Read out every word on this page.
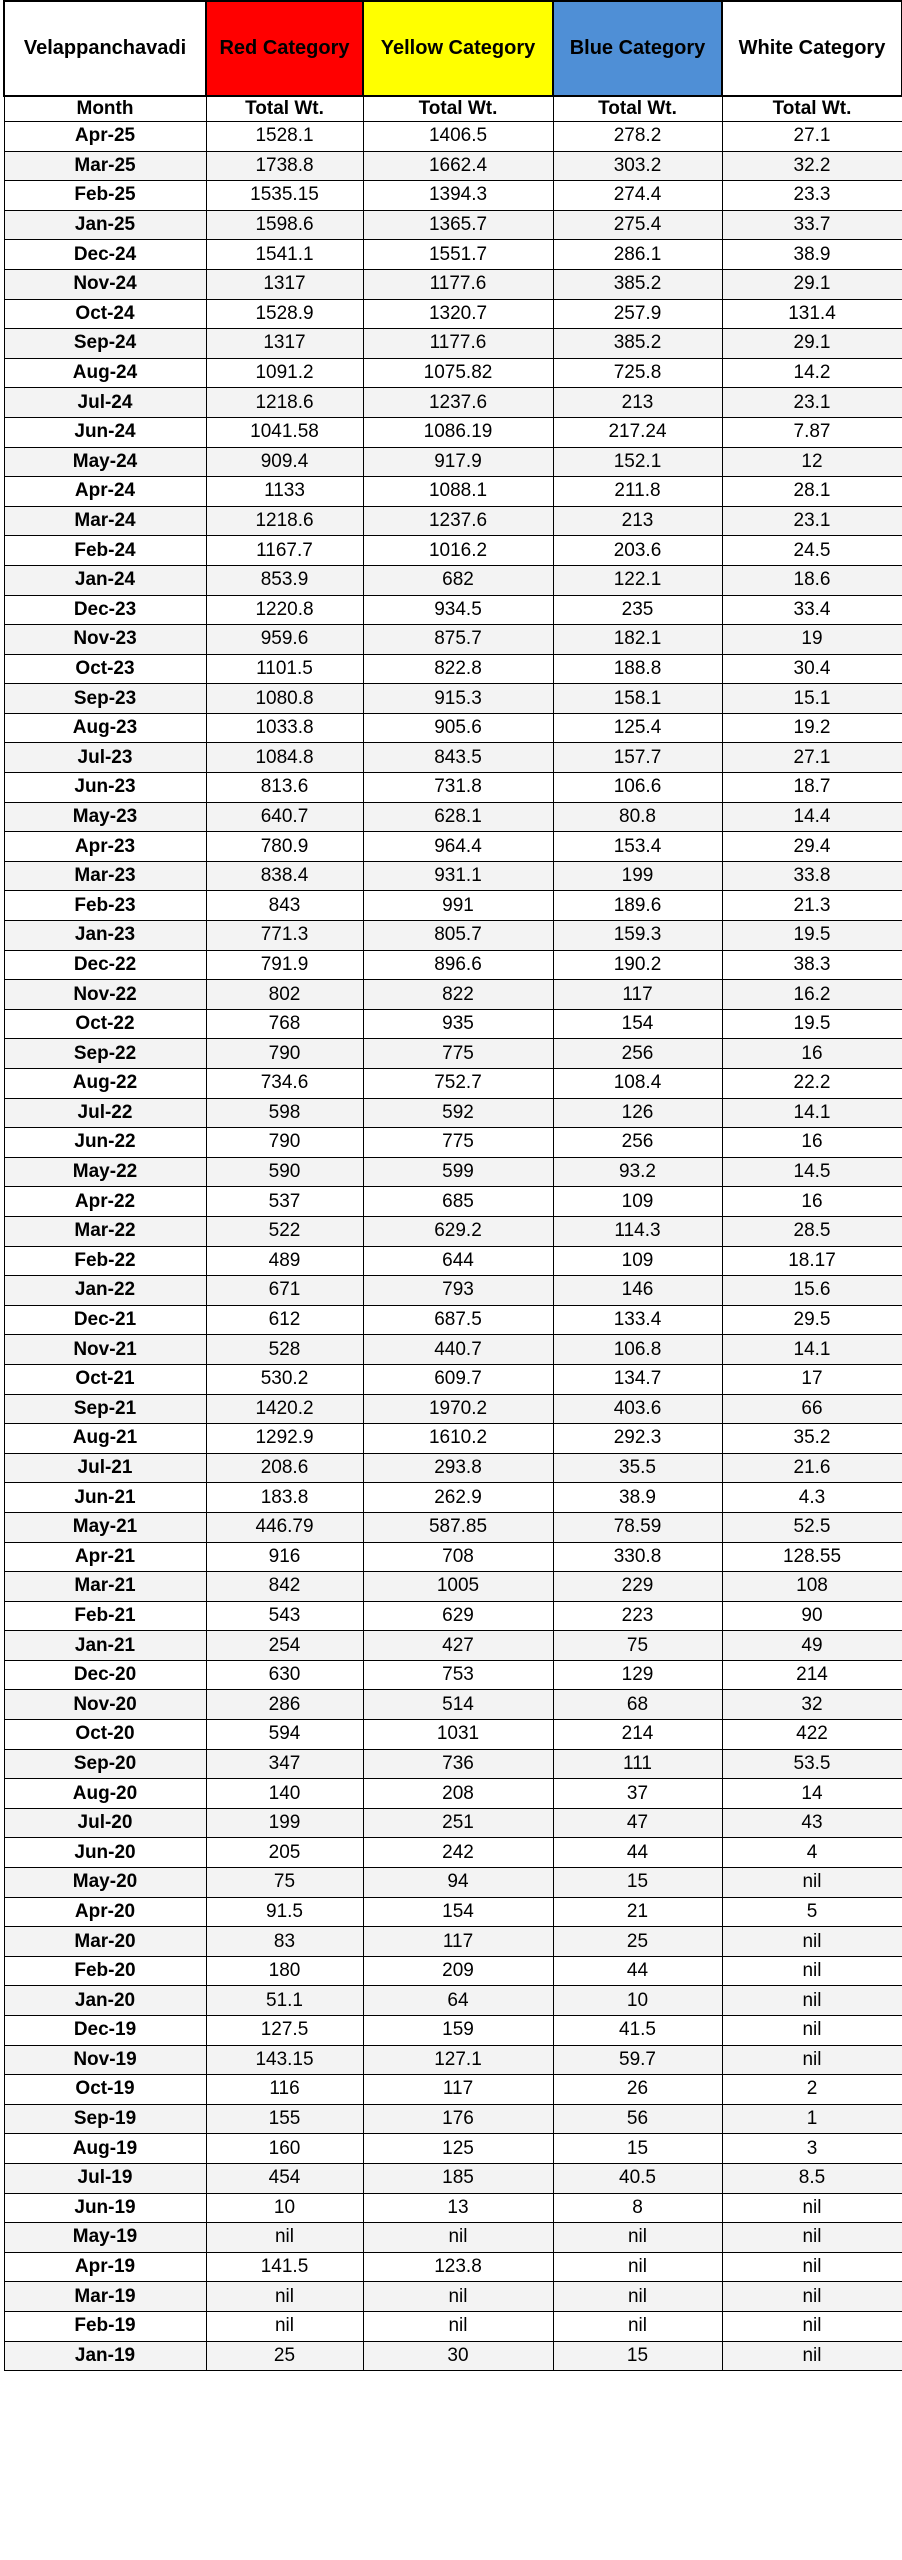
Velappanchavadi	Red Category	Yellow Category	Blue Category	White Category
Month	Total Wt.	Total Wt.	Total Wt.	Total Wt.
Apr-25	1528.1	1406.5	278.2	27.1
Mar-25	1738.8	1662.4	303.2	32.2
Feb-25	1535.15	1394.3	274.4	23.3
Jan-25	1598.6	1365.7	275.4	33.7
Dec-24	1541.1	1551.7	286.1	38.9
Nov-24	1317	1177.6	385.2	29.1
Oct-24	1528.9	1320.7	257.9	131.4
Sep-24	1317	1177.6	385.2	29.1
Aug-24	1091.2	1075.82	725.8	14.2
Jul-24	1218.6	1237.6	213	23.1
Jun-24	1041.58	1086.19	217.24	7.87
May-24	909.4	917.9	152.1	12
Apr-24	1133	1088.1	211.8	28.1
Mar-24	1218.6	1237.6	213	23.1
Feb-24	1167.7	1016.2	203.6	24.5
Jan-24	853.9	682	122.1	18.6
Dec-23	1220.8	934.5	235	33.4
Nov-23	959.6	875.7	182.1	19
Oct-23	1101.5	822.8	188.8	30.4
Sep-23	1080.8	915.3	158.1	15.1
Aug-23	1033.8	905.6	125.4	19.2
Jul-23	1084.8	843.5	157.7	27.1
Jun-23	813.6	731.8	106.6	18.7
May-23	640.7	628.1	80.8	14.4
Apr-23	780.9	964.4	153.4	29.4
Mar-23	838.4	931.1	199	33.8
Feb-23	843	991	189.6	21.3
Jan-23	771.3	805.7	159.3	19.5
Dec-22	791.9	896.6	190.2	38.3
Nov-22	802	822	117	16.2
Oct-22	768	935	154	19.5
Sep-22	790	775	256	16
Aug-22	734.6	752.7	108.4	22.2
Jul-22	598	592	126	14.1
Jun-22	790	775	256	16
May-22	590	599	93.2	14.5
Apr-22	537	685	109	16
Mar-22	522	629.2	114.3	28.5
Feb-22	489	644	109	18.17
Jan-22	671	793	146	15.6
Dec-21	612	687.5	133.4	29.5
Nov-21	528	440.7	106.8	14.1
Oct-21	530.2	609.7	134.7	17
Sep-21	1420.2	1970.2	403.6	66
Aug-21	1292.9	1610.2	292.3	35.2
Jul-21	208.6	293.8	35.5	21.6
Jun-21	183.8	262.9	38.9	4.3
May-21	446.79	587.85	78.59	52.5
Apr-21	916	708	330.8	128.55
Mar-21	842	1005	229	108
Feb-21	543	629	223	90
Jan-21	254	427	75	49
Dec-20	630	753	129	214
Nov-20	286	514	68	32
Oct-20	594	1031	214	422
Sep-20	347	736	111	53.5
Aug-20	140	208	37	14
Jul-20	199	251	47	43
Jun-20	205	242	44	4
May-20	75	94	15	nil
Apr-20	91.5	154	21	5
Mar-20	83	117	25	nil
Feb-20	180	209	44	nil
Jan-20	51.1	64	10	nil
Dec-19	127.5	159	41.5	nil
Nov-19	143.15	127.1	59.7	nil
Oct-19	116	117	26	2
Sep-19	155	176	56	1
Aug-19	160	125	15	3
Jul-19	454	185	40.5	8.5
Jun-19	10	13	8	nil
May-19	nil	nil	nil	nil
Apr-19	141.5	123.8	nil	nil
Mar-19	nil	nil	nil	nil
Feb-19	nil	nil	nil	nil
Jan-19	25	30	15	nil
